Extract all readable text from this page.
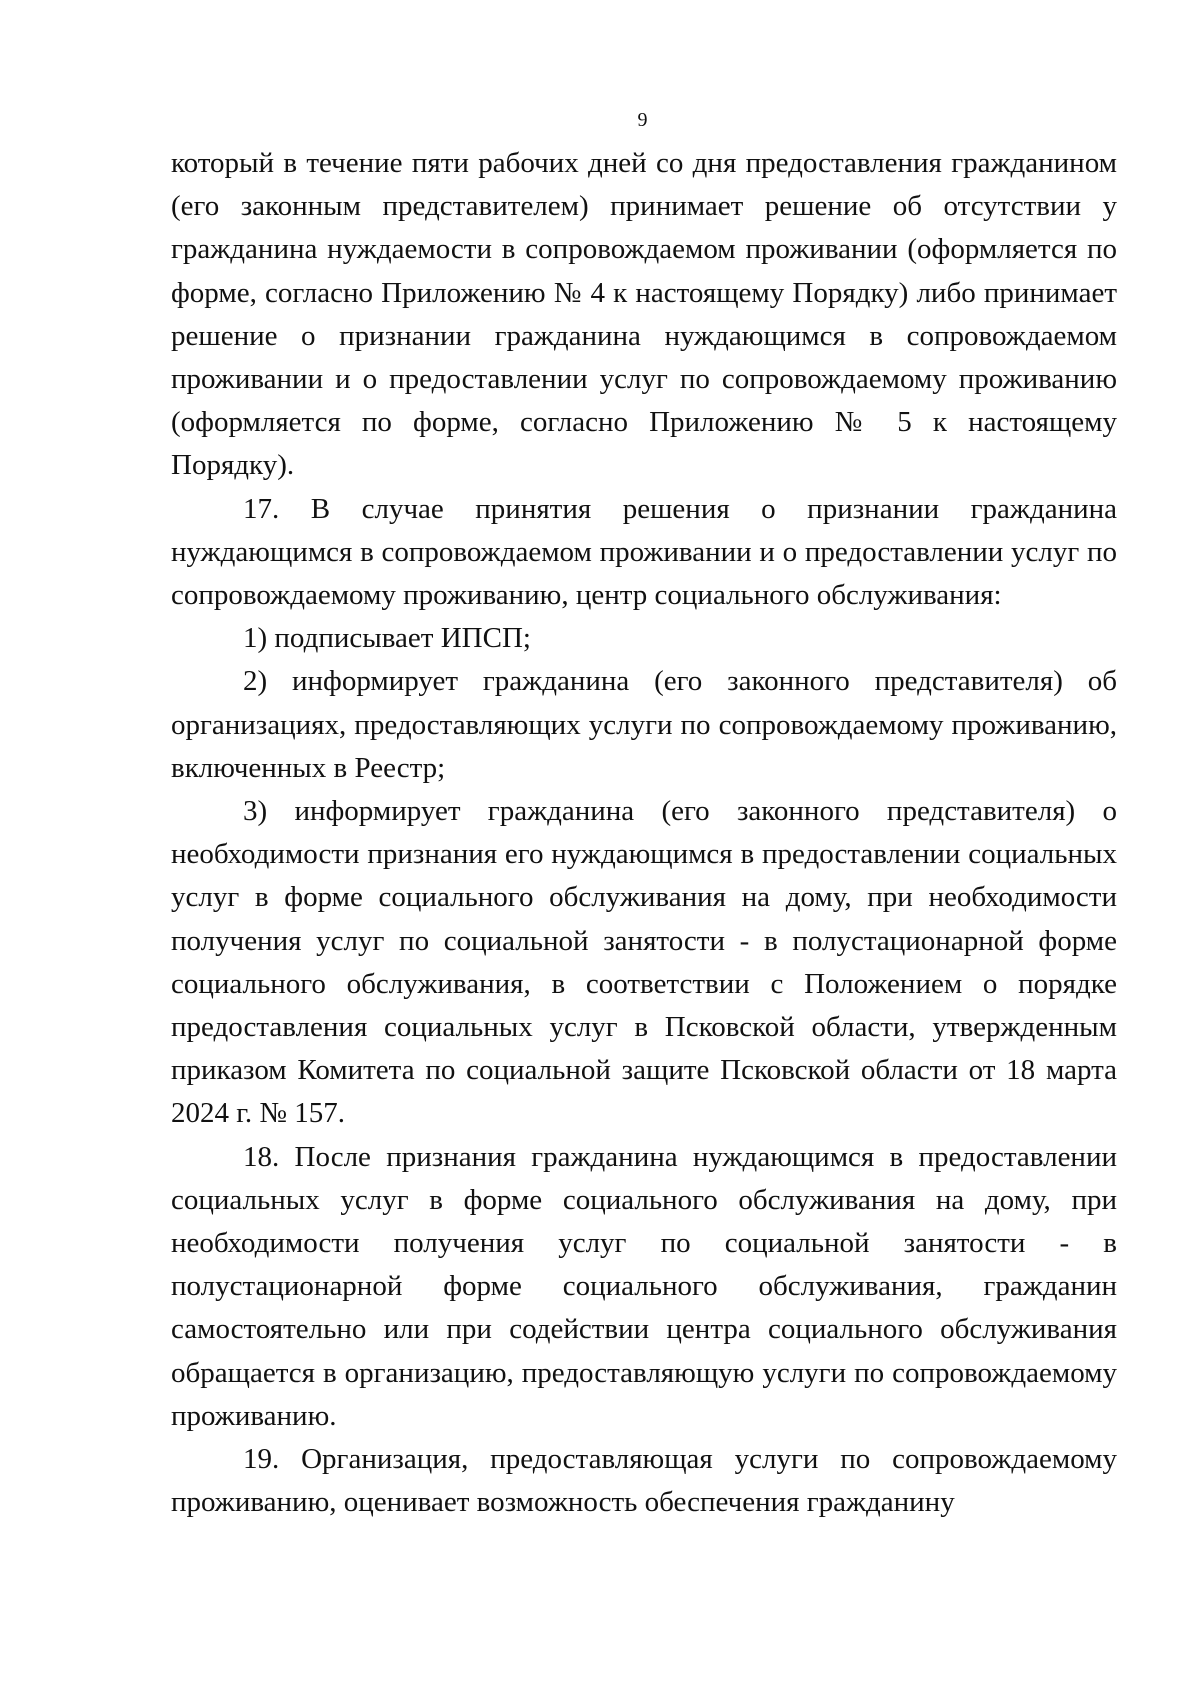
9

который в течение пяти рабочих дней со дня предоставления гражданином (его законным представителем) принимает решение об отсутствии у гражданина нуждаемости в сопровождаемом проживании (оформляется по форме, согласно Приложению № 4 к настоящему Порядку) либо принимает решение о признании гражданина нуждающимся в сопровождаемом проживании и о предоставлении услуг по сопровождаемому проживанию (оформляется по форме, согласно Приложению № 5 к настоящему Порядку).

17. В случае принятия решения о признании гражданина нуждающимся в сопровождаемом проживании и о предоставлении услуг по сопровождаемому проживанию, центр социального обслуживания:

1) подписывает ИПСП;

2) информирует гражданина (его законного представителя) об организациях, предоставляющих услуги по сопровождаемому проживанию, включенных в Реестр;

3) информирует гражданина (его законного представителя) о необходимости признания его нуждающимся в предоставлении социальных услуг в форме социального обслуживания на дому, при необходимости получения услуг по социальной занятости - в полустационарной форме социального обслуживания, в соответствии с Положением о порядке предоставления социальных услуг в Псковской области, утвержденным приказом Комитета по социальной защите Псковской области от 18 марта 2024 г. № 157.

18. После признания гражданина нуждающимся в предоставлении социальных услуг в форме социального обслуживания на дому, при необходимости получения услуг по социальной занятости - в полустационарной форме социального обслуживания, гражданин самостоятельно или при содействии центра социального обслуживания обращается в организацию, предоставляющую услуги по сопровождаемому проживанию.

19. Организация, предоставляющая услуги по сопровождаемому проживанию, оценивает возможность обеспечения гражданину
